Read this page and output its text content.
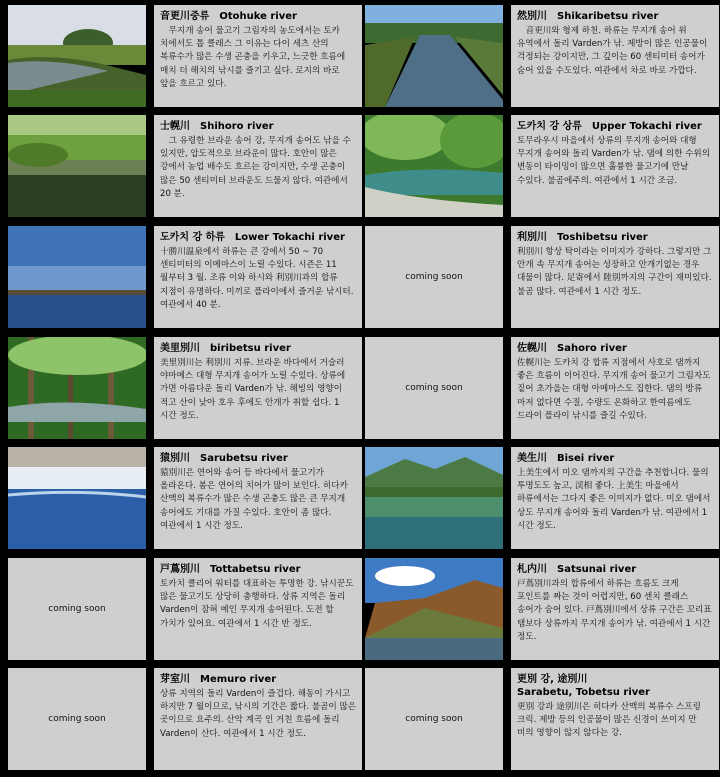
音更川중류　Otohuke river
　무지개 송어 물고기 그림자의 농도에서는 토카 치에서도 톱 클래스 그 이유는 다이 세츠 산의 복류수가 많은 수생 곤충을 키우고, 느긋한 흐름에 매치 더 해치의 낚시를 즐기고 싶다. 로지의 바로 앞을 흐르고 있다.
然別川　Shikaribetsu river
　音更川와 형제 하천. 하류는 무지개 송어 위 유역에서 돌리 Varden가 낚. 제방이 많은 인공물이 걱정되는 강이지만, 그 깊이는 60 센티미터 송어가 숨어 있을 수도있다. 여관에서 차로 바로 가깝다.
士幌川　Shihoro river
　그 유령한 브라운 송어 강, 무지개 송어도 낚을 수 있지만, 압도적으로 브라운이 많다. 호안이 많은 강에서 농업 배수도 흐르는 강이지만, 수생 곤충이 많은 50 센티미터 브라운도 드물지 않다. 여관에서 20 분.
도카치 강 상류　Upper Tokachi river
토무라우시 마을에서 상류의 무지개 송어와 대형 무지개 송어와 돌리 Varden가 낚. 댐에 의한 수위의 변동이 타이밍이 많으면 훌륭한 물고기에 만날 수있다. 불곰에주의. 여관에서 1 시간 조금.
도카치 강 하류　Lower Tokachi river
十勝川温泉에서 하류는 큰 강에서 50 ~ 70 센티미터의 이메마스이 노릴 수있다. 시즌은 11 월부터 3 월. 조류 이와 하시와 利別川과의 합류 지점이 유명하다. 미끼로 플라이에서 즐거운 낚시터. 여관에서 40 분.
coming soon
利別川　Toshibetsu river
利別川 항상 탁이라는 이미지가 강하다. 그렇지만 그 안개 속 무지개 송어는 성장하고 안개기없는 경우 대물이 많다. 足寄에서 陸別까지의 구간이 재미있다. 불곰 많다. 여관에서 1 시간 정도.
美里別川　biribetsu river
美里別川는 利別川 지류. 브라운 바다에서 거슬러 야마메스 대형 무지개 송어가 노릴 수있다. 상류에 가면 아름다운 돌리 Varden가 낚. 해빙의 영향이 적고 산이 낮아 호우 후에도 안개가 취할 쉽다. 1 시간 정도.
coming soon
佐幌川　Sahoro river
佐幌川는 도카치 강 합류 지점에서 사호로 댐까지 좋은 흐름이 이어진다. 무지개 송어 물고기 그림자도 짙어 초가을는 대형 아메마스도 집한다. 댐의 방류 마저 없다면 수질, 수량도 온화하고 한여름에도 드라이 플라이 낚시를 즐길 수있다.
猿別川　Sarubetsu river
猿別川은 연어와 송어 등 바다에서 물고기가 올라온다. 봄은 연어의 치어가 많이 보인다. 히다카 산맥의 복류수가 많은 수생 곤충도 많은 큰 무지개 송어에도 기대를 가질 수있다. 호안이 좀 많다. 여관에서 1 시간 정도.
美生川　Bisei river
上美生에서 미오 댐까지의 구간을 추천합니다. 물의 투명도도 높고, 渓相 좋다. 上美生 마을에서 하류에서는 그다지 좋은 이미지가 없다. 미오 댐에서 상도 무지개 송어와 돌리 Varden가 낚. 여관에서 1 시간 정도.
coming soon
戸蔦別川　Tottabetsu river
토카치 클리어 워터를 대표하는 투명한 강. 낚시꾼도 많은 물고기도 상당히 충행하다. 상류 지역은 돌리 Varden이 잠혀 예인 무지개 송어된다. 도전 할 가치가 있어요. 여관에서 1 시간 반 정도.
札内川　Satsunai river
戸蔦別川과의 합류에서 하류는 흐름도 크게 포인트를 짜는 것이 어렵지만, 60 센치 클래스 송어가 숨어 있다. 戸蔦別川에서 상류 구간은 꼬리표 탬보다 상류까지 무지개 송어가 낚. 여관에서 1 시간 정도.
coming soon
芽室川　Memuro river
상류 지역의 돌리 Varden이 즐겁다. 해동이 가시고 하지만 7 월이므로, 낚시의 기간은 짧다. 불곰이 많은 곳이므로 요주의. 산악 계곡 인 거친 흐름에 돌리 Varden이 산다. 여관에서 1 시간 정도.
coming soon
更別 강, 途別川
Sarabetu, Tobetsu river
更別 강과 途別川은 히다카 산맥의 복류수 스프링 크릭. 제방 등의 인공물이 많은 신경이 쓰이지 만 비의 영향이 않지 않다는 강.
